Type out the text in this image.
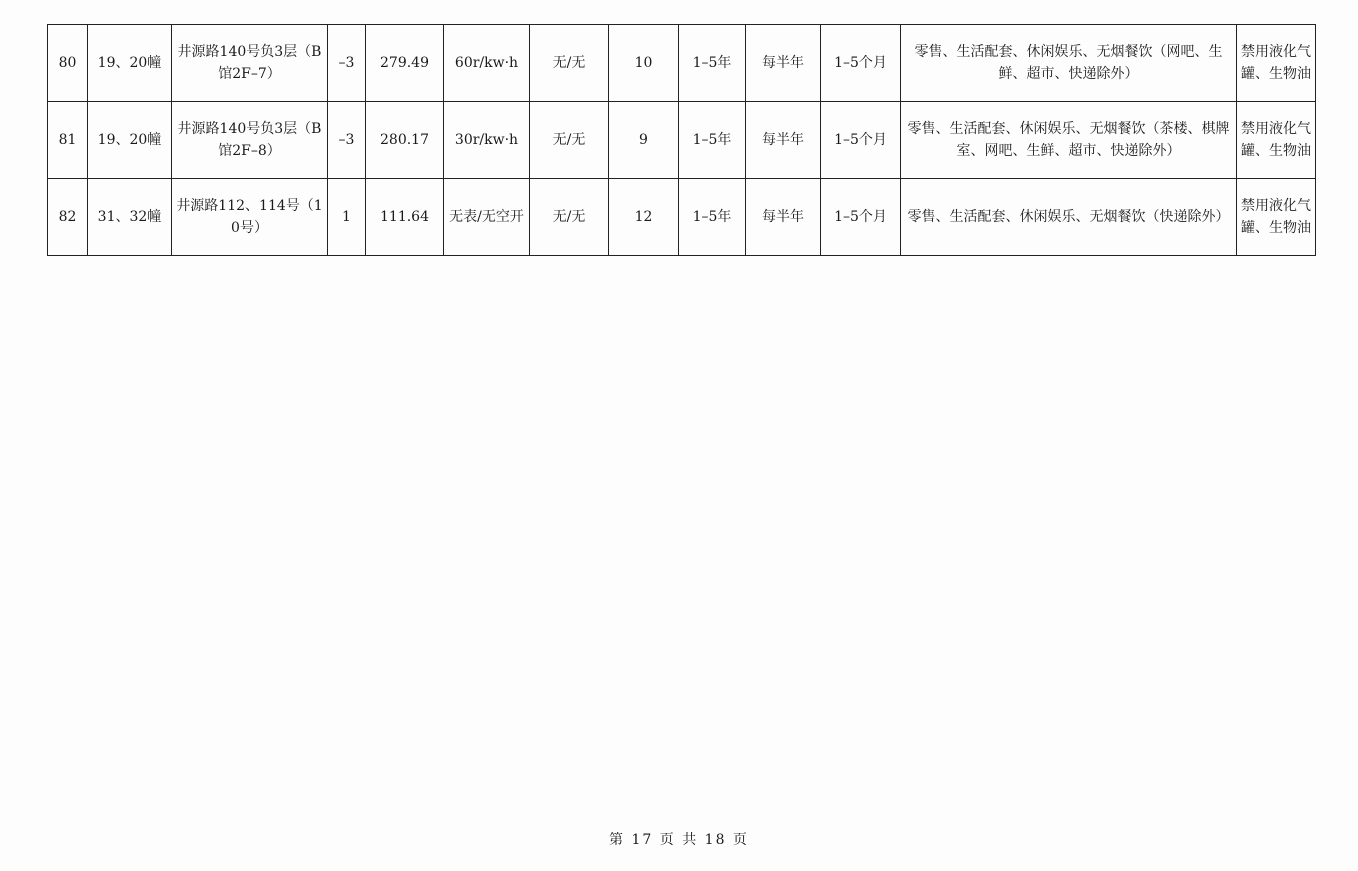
80	19、20幢	井源路140号负3层（B馆2F–7）	–3	279.49	60r/kw·h	无/无	10	1–5年	每半年	1–5个月	零售、生活配套、休闲娱乐、无烟餐饮（网吧、生鲜、超市、快递除外）	禁用液化气罐、生物油
81	19、20幢	井源路140号负3层（B馆2F–8）	–3	280.17	30r/kw·h	无/无	9	1–5年	每半年	1–5个月	零售、生活配套、休闲娱乐、无烟餐饮（茶楼、棋牌室、网吧、生鲜、超市、快递除外）	禁用液化气罐、生物油
82	31、32幢	井源路112、114号（10号）	1	111.64	无表/无空开	无/无	12	1–5年	每半年	1–5个月	零售、生活配套、休闲娱乐、无烟餐饮（快递除外）	禁用液化气罐、生物油
第 17 页 共 18 页
